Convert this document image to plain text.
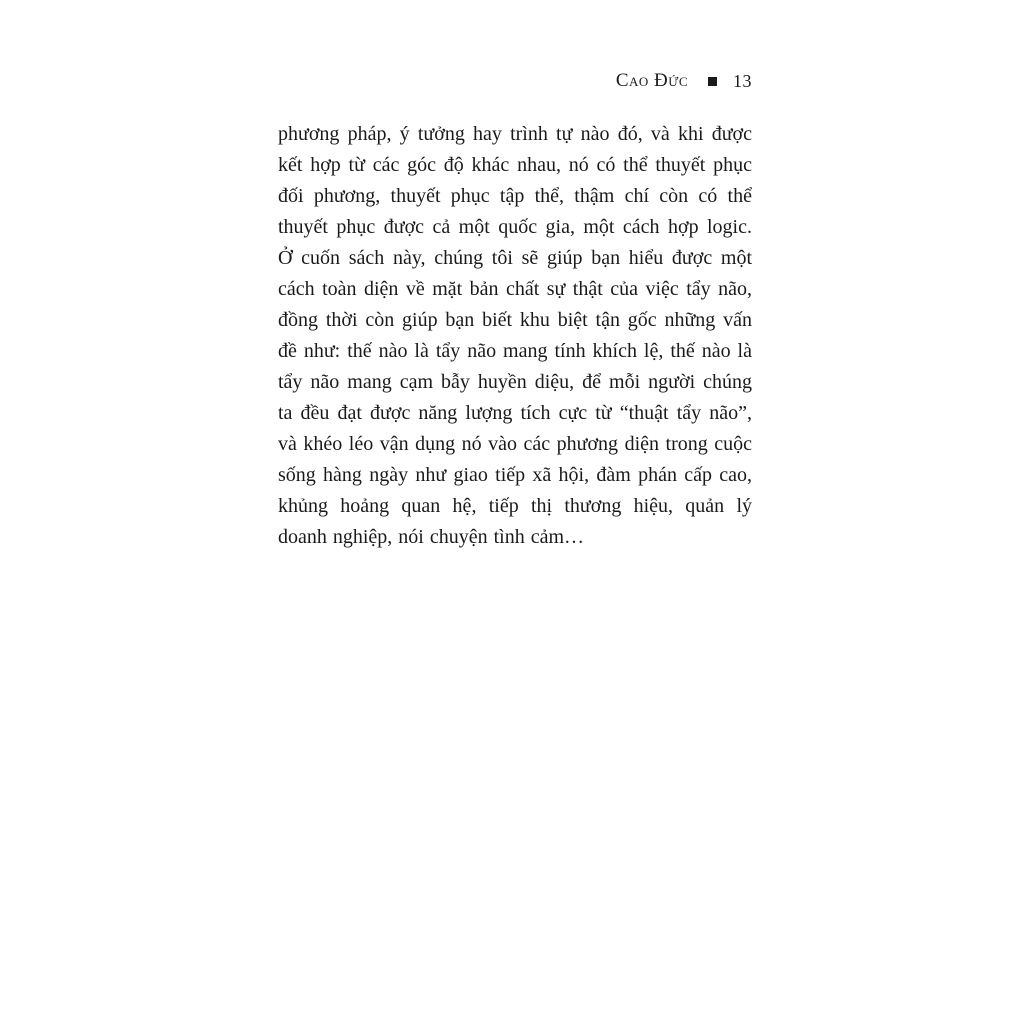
Cao Đức	13
phương pháp, ý tưởng hay trình tự nào đó, và khi được
kết hợp từ các góc độ khác nhau, nó có thể thuyết phục
đối phương, thuyết phục tập thể, thậm chí còn có thể
thuyết phục được cả một quốc gia, một cách hợp logic.
Ở cuốn sách này, chúng tôi sẽ giúp bạn hiểu được một
cách toàn diện về mặt bản chất sự thật của việc tẩy não,
đồng thời còn giúp bạn biết khu biệt tận gốc những vấn
đề như: thế nào là tẩy não mang tính khích lệ, thế nào là
tẩy não mang cạm bẫy huyền diệu, để mỗi người chúng
ta đều đạt được năng lượng tích cực từ “thuật tẩy não”,
và khéo léo vận dụng nó vào các phương diện trong cuộc
sống hàng ngày như giao tiếp xã hội, đàm phán cấp cao,
khủng hoảng quan hệ, tiếp thị thương hiệu, quản lý
doanh nghiệp, nói chuyện tình cảm…
